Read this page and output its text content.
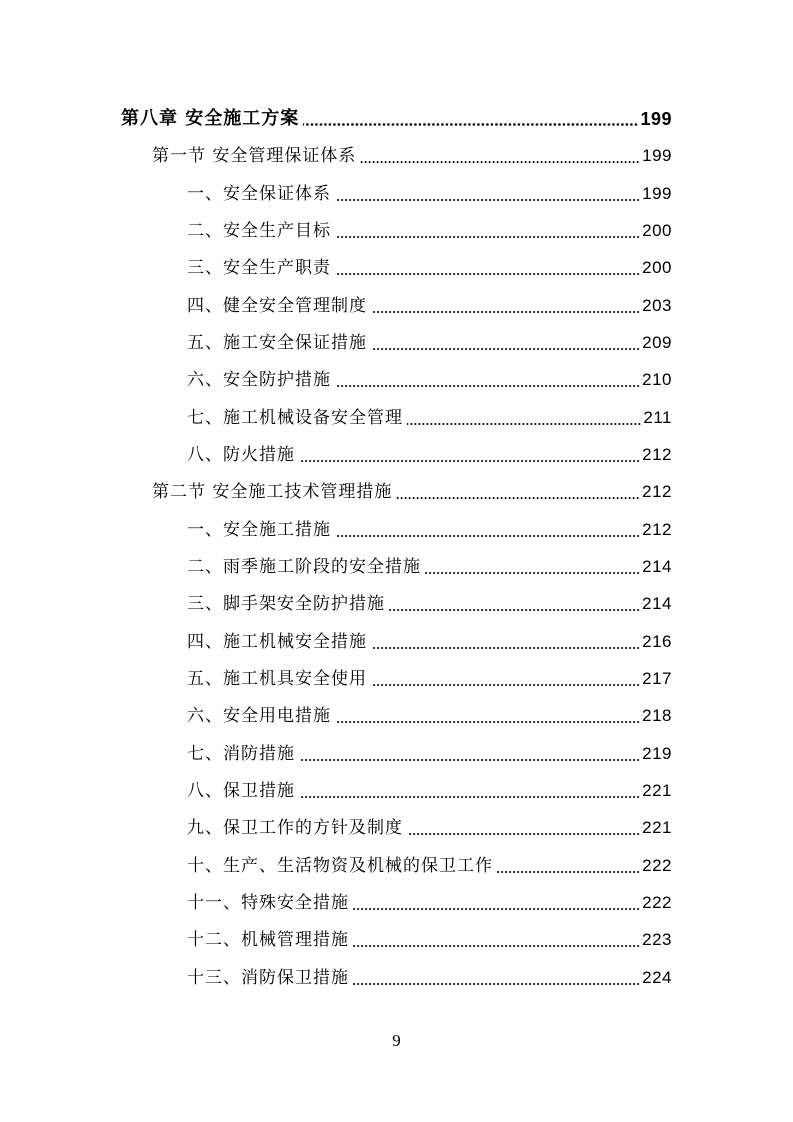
第八章 安全施工方案	199
第一节 安全管理保证体系	199
一、安全保证体系	199
二、安全生产目标	200
三、安全生产职责	200
四、健全安全管理制度	203
五、施工安全保证措施	209
六、安全防护措施	210
七、施工机械设备安全管理	211
八、防火措施	212
第二节 安全施工技术管理措施	212
一、安全施工措施	212
二、雨季施工阶段的安全措施	214
三、脚手架安全防护措施	214
四、施工机械安全措施	216
五、施工机具安全使用	217
六、安全用电措施	218
七、消防措施	219
八、保卫措施	221
九、保卫工作的方针及制度	221
十、生产、生活物资及机械的保卫工作	222
十一、特殊安全措施	222
十二、机械管理措施	223
十三、消防保卫措施	224
9
